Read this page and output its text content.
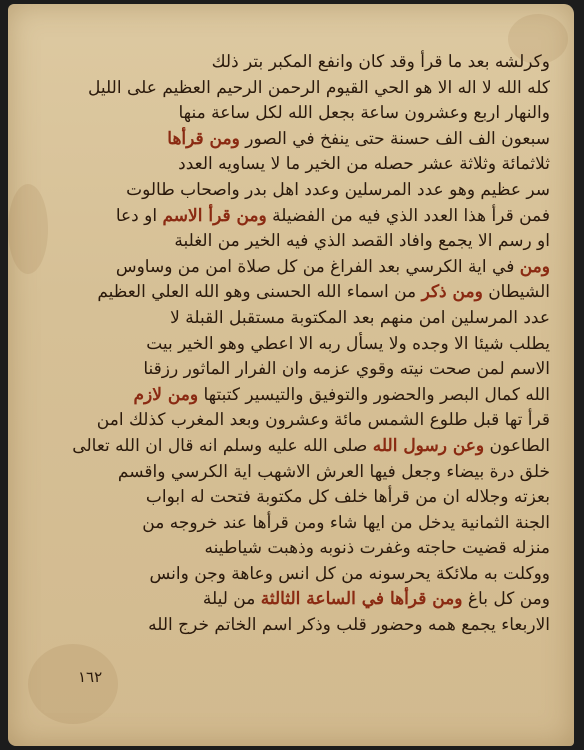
وكرلشه بعد ما قرأ وقد كان وانفع المكبر بتر ذلك
كله الله لا اله الا هو الحي القيوم الرحمن الرحيم العظيم على الليل
والنهار اربع وعشرون ساعة بجعل الله لكل ساعة منها
سبعون الف الف حسنة حتى ينفخ في الصور ومن قرأها
ثلاثمائة وثلاثة عشر حصله من الخير ما لا يساويه العدد
سر عظيم وهو عدد المرسلين وعدد اهل بدر واصحاب طالوت
فمن قرأ هذا العدد الذي فيه من الفضيلة ومن قرأ الاسم او دعا
او رسم الا يجمع وافاد القصد الذي فيه الخير من الغلبة
ومن في اية الكرسي بعد الفراغ من كل صلاة امن من وساوس
الشيطان ومن ذكر من اسماء الله الحسنى وهو الله العلي العظيم
عدد المرسلين امن منهم بعد المكتوبة مستقبل القبلة لا
يطلب شيئا الا وجده ولا يسأل ربه الا اعطي وهو الخير بيت
الاسم لمن صحت نيته وقوي عزمه وان الفرار الماثور رزقنا
الله كمال البصر والحضور والتوفيق والتيسير كتبتها ومن لازم
قرأ تها قبل طلوع الشمس مائة وعشرون وبعد المغرب كذلك امن
الطاعون وعن رسول الله صلى الله عليه وسلم انه قال ان الله تعالى
خلق درة بيضاء وجعل فيها العرش الاشهب اية الكرسي واقسم
بعزته وجلاله ان من قرأها خلف كل مكتوبة فتحت له ابواب
الجنة الثمانية يدخل من ايها شاء ومن قرأها عند خروجه من
منزله قضيت حاجته وغفرت ذنوبه وذهبت شياطينه
ووكلت به ملائكة يحرسونه من كل انس وعاهة وجن وانس
ومن كل باغ ومن قرأها في الساعة الثالثة من ليلة
الاربعاء يجمع همه وحضور قلب وذكر اسم الخاتم خرج الله
١٦٢
